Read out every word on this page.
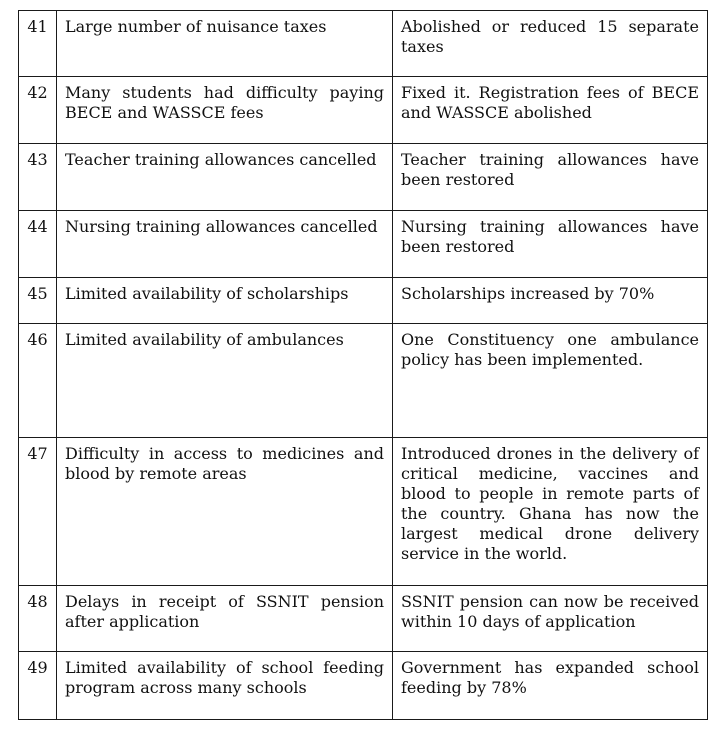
41	Large number of nuisance taxes	Abolished or reduced 15 separate taxes
42	Many students had difficulty paying BECE and WASSCE fees	Fixed it. Registration fees of BECE and WASSCE abolished
43	Teacher training allowances cancelled	Teacher training allowances have been restored
44	Nursing training allowances cancelled	Nursing training allowances have been restored
45	Limited availability of scholarships	Scholarships increased by 70%
46	Limited availability of ambulances	One Constituency one ambulance policy has been implemented.
47	Difficulty in access to medicines and blood by remote areas	Introduced drones in the delivery of critical medicine, vaccines and blood to people in remote parts of the country. Ghana has now the largest medical drone delivery service in the world.
48	Delays in receipt of SSNIT pension after application	SSNIT pension can now be received within 10 days of application
49	Limited availability of school feeding program across many schools	Government has expanded school feeding by 78%
